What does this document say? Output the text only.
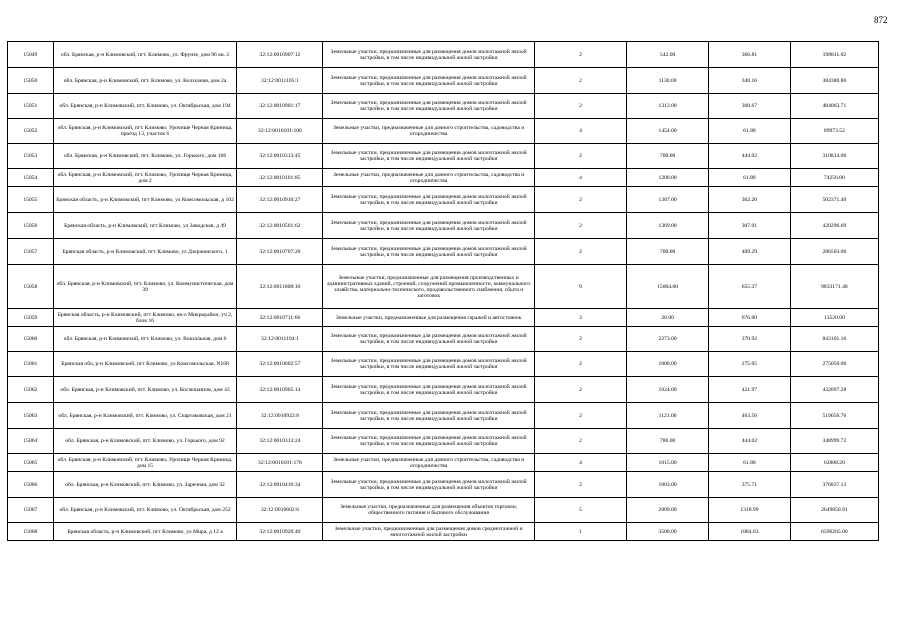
872
15049	обл. Брянская, р-н Климовский, пгт. Климово, ул. Фрунзе, дом 96 кв. 2	32:12:0010907:12	Земельные участки, предназначенные для размещения домов малоэтажной жилой застройки, в том числе индивидуальной жилой застройки	2	542.00	366.81	198811.02
15050	обл. Брянская, р-н Климовский, пгт. Климово, ул. Колхозная, дом 2а	32:12:0011105:1	Земельные участки, предназначенные для размещения домов малоэтажной жилой застройки, в том числе индивидуальной жилой застройки	2	1130.00	340.16	384380.80
15051	обл. Брянская, р-н Климовский, пгт. Климово, ул. Октябрьская, дом 194	32:12:0010901:17	Земельные участки, предназначенные для размещения домов малоэтажной жилой застройки, в том числе индивидуальной жилой застройки	2	1313.00	368.67	484063.71
15052	обл. Брянская, р-н Климовский, пгт. Климово, Урочище Черная Криница, проезд 13, участок 6	32:12:0010101:100	Земельные участки, предназначенные для дачного строительства, садоводства и огородничества	4	1454.00	61.88	89973.52
15053	обл. Брянская, р-н Климовский, пгт. Климово, ул. Горького, дом 106	32:12:0010313:45	Земельные участки, предназначенные для размещения домов малоэтажной жилой застройки, в том числе индивидуальной жилой застройки	2	700.00	444.02	310814.00
15054	обл. Брянская, р-н Климовский, пгт. Климово, Урочище Черная Криница, дом 2	32:12:0010101:85	Земельные участки, предназначенные для дачного строительства, садоводства и огородничества	4	1200.00	61.88	74256.00
15055	Брянская область, р-н Климовский, пгт Климово, ул Комсомольская, д 102	32:12:0010910:27	Земельные участки, предназначенные для размещения домов малоэтажной жилой застройки, в том числе индивидуальной жилой застройки	2	1387.00	362.20	502371.40
15056	Брянская область, р-н Климовский, пгт Климово, ул Заводская, д 49	32:12:0010501:62	Земельные участки, предназначенные для размещения домов малоэтажной жилой застройки, в том числе индивидуальной жилой застройки	2	1369.00	307.01	420296.69
15057	Брянская область, р-н Климовский, пгт Климово, ул Дзержинского, 1	32:12:0010707:20	Земельные участки, предназначенные для размещения домов малоэтажной жилой застройки, в том числе индивидуальной жилой застройки	2	700.00	409.29	286503.00
15058	обл. Брянская, р-н Климовский, пгт. Климово, ул. Коммунистическая, дом 39	32:12:0011008:10	Земельные участки, предназначенные для размещения производственных и административных зданий, строений, сооружений промышленности, коммунального хозяйства, материально-технического, продовольственного снабжения, сбыта и заготовок	9	15004.00	655.37	9833171.48
15059	Брянская область, р-н Климовский, пгт Климово, кв-л Микрорайон, уч 2, блок 16	32:12:0010711:66	Земельные участки, предназначенные для размещения гаражей и автостоянок	3	20.00	676.00	13520.00
15060	обл. Брянская, р-н Климовский, пгт. Климово, ул. Вокзальная, дом 6	32:12:0011104:1	Земельные участки, предназначенные для размещения домов малоэтажной жилой застройки, в том числе индивидуальной жилой застройки	2	2273.00	370.92	843101.16
15061	Брянская обл, р-н Климовский, пгт Климово, ул Комсомольская, N168	32:12:0010602:57	Земельные участки, предназначенные для размещения домов малоэтажной жилой застройки, в том числе индивидуальной жилой застройки	2	1000.00	275.05	275050.00
15062	обл. Брянская, р-н Климовский, пгт. Климово, ул. Космонавтов, дом 43	32:12:0010905:14	Земельные участки, предназначенные для размещения домов малоэтажной жилой застройки, в том числе индивидуальной жилой застройки	2	1024.00	421.97	432097.28
15063	обл. Брянская, р-н Климовский, пгт. Климово, ул. Спартаковская, дом 21	32:12:0010922:8	Земельные участки, предназначенные для размещения домов малоэтажной жилой застройки, в том числе индивидуальной жилой застройки	2	1121.00	463.56	519650.76
15064	обл. Брянская, р-н Климовский, пгт. Климово, ул. Горького, дом 92	32:12:0010313:24	Земельные участки, предназначенные для размещения домов малоэтажной жилой застройки, в том числе индивидуальной жилой застройки	2	786.00	444.02	348999.72
15065	обл. Брянская, р-н Климовский, пгт. Климово, Урочище Черная Криница, дом 15	32:12:0010101:178	Земельные участки, предназначенные для дачного строительства, садоводства и огородничества	4	1015.00	61.88	62808.20
15066	обл. Брянская, р-н Климовский, пгт. Климово, ул. Заречная, дом 32	32:12:0010416:34	Земельные участки, предназначенные для размещения домов малоэтажной жилой застройки, в том числе индивидуальной жилой застройки	2	1003.00	375.71	376837.13
15067	обл. Брянская, р-н Климовский, пгт. Климово, ул. Октябрьская, дом 252	32:12:0010602:6	Земельные участки, предназначенные для размещения объектов торговли, общественного питания и бытового обслуживания	5	2009.00	1318.99	2649850.91
15068	Брянская область, р-н Климовский, пгт Климово, ул Мира, д 12 а	32:12:0010920:40	Земельные участки, предназначенные для размещения домов среднеэтажной и многоэтажной жилой застройки	1	3500.00	1884.63	6596205.00
